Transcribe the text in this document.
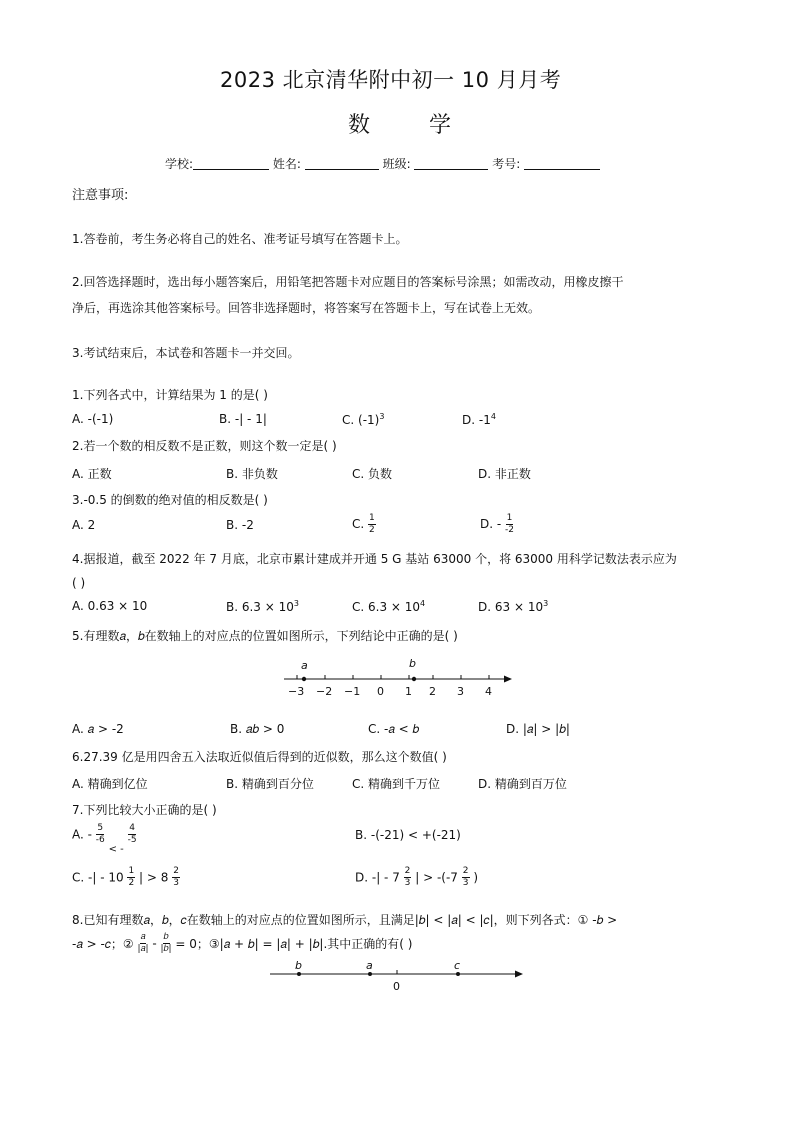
2023 北京清华附中初一 10 月月考
数 学
学校:	姓名:	班级:	考号:
注意事项:
1.答卷前，考生务必将自己的姓名、准考证号填写在答题卡上。
2.回答选择题时，选出每小题答案后，用铅笔把答题卡对应题目的答案标号涂黑；如需改动，用橡皮擦干
净后，再选涂其他答案标号。回答非选择题时，将答案写在答题卡上，写在试卷上无效。
3.考试结束后，本试卷和答题卡一并交回。
1.下列各式中，计算结果为 1 的是( )
A. -(-1)	B. -| - 1|	C. $(-1)^3$	D. $-1^4$
2.若一个数的相反数不是正数，则这个数一定是( )
A. 正数	B. 非负数	C. 负数	D. 非正数
3.-0.5 的倒数的绝对值的相反数是( )
A. 2	B. -2	C. $\frac{1}{2}$	D. - $\frac{1}{-2}$
4.据报道，截至 2022 年 7 月底，北京市累计建成并开通 5 G 基站 63000 个，将 63000 用科学记数法表示应为
( )
A. 0.63 × 10	B. $6.3 \times 10^3$	C. $6.3 \times 10^4$	D. $63 \times 10^3$
5.有理数𝑎，𝑏在数轴上的对应点的位置如图所示，下列结论中正确的是( )
a	b
−3 −2 −1 0 1 2 3 4
A. 𝑎 > -2	B. 𝑎𝑏 > 0	C. -𝑎 < 𝑏	D. |𝑎| > |𝑏|
6.27.39 亿是用四舍五入法取近似值后得到的近似数，那么这个数值( )
A. 精确到亿位	B. 精确到百分位	C. 精确到千万位	D. 精确到百万位
7.下列比较大小正确的是( )
A. - $\frac{5}{-6}$
$_{< -}$
$\frac{4}{-5}$	B. -(-21) < +(-21)
C. -| - $10 \frac{1}{2}$ | > $8 \frac{2}{3}$	D. -| - $7 \frac{2}{3}$ | > $-(-7 \frac{2}{3}$ )
8.已知有理数𝑎，𝑏，𝑐在数轴上的对应点的位置如图所示，且满足|𝑏| < |𝑎| < |𝑐|，则下列各式：① -𝑏 >
-𝑎 > -𝑐；② $\frac{\text{𝑎}}{\text{|𝑎|}} - \frac{\text{𝑏}}{\text{|𝑏|}} = 0$；③|𝑎 + 𝑏| = |𝑎| + |𝑏|.其中正确的有( )
b	a	c
0
